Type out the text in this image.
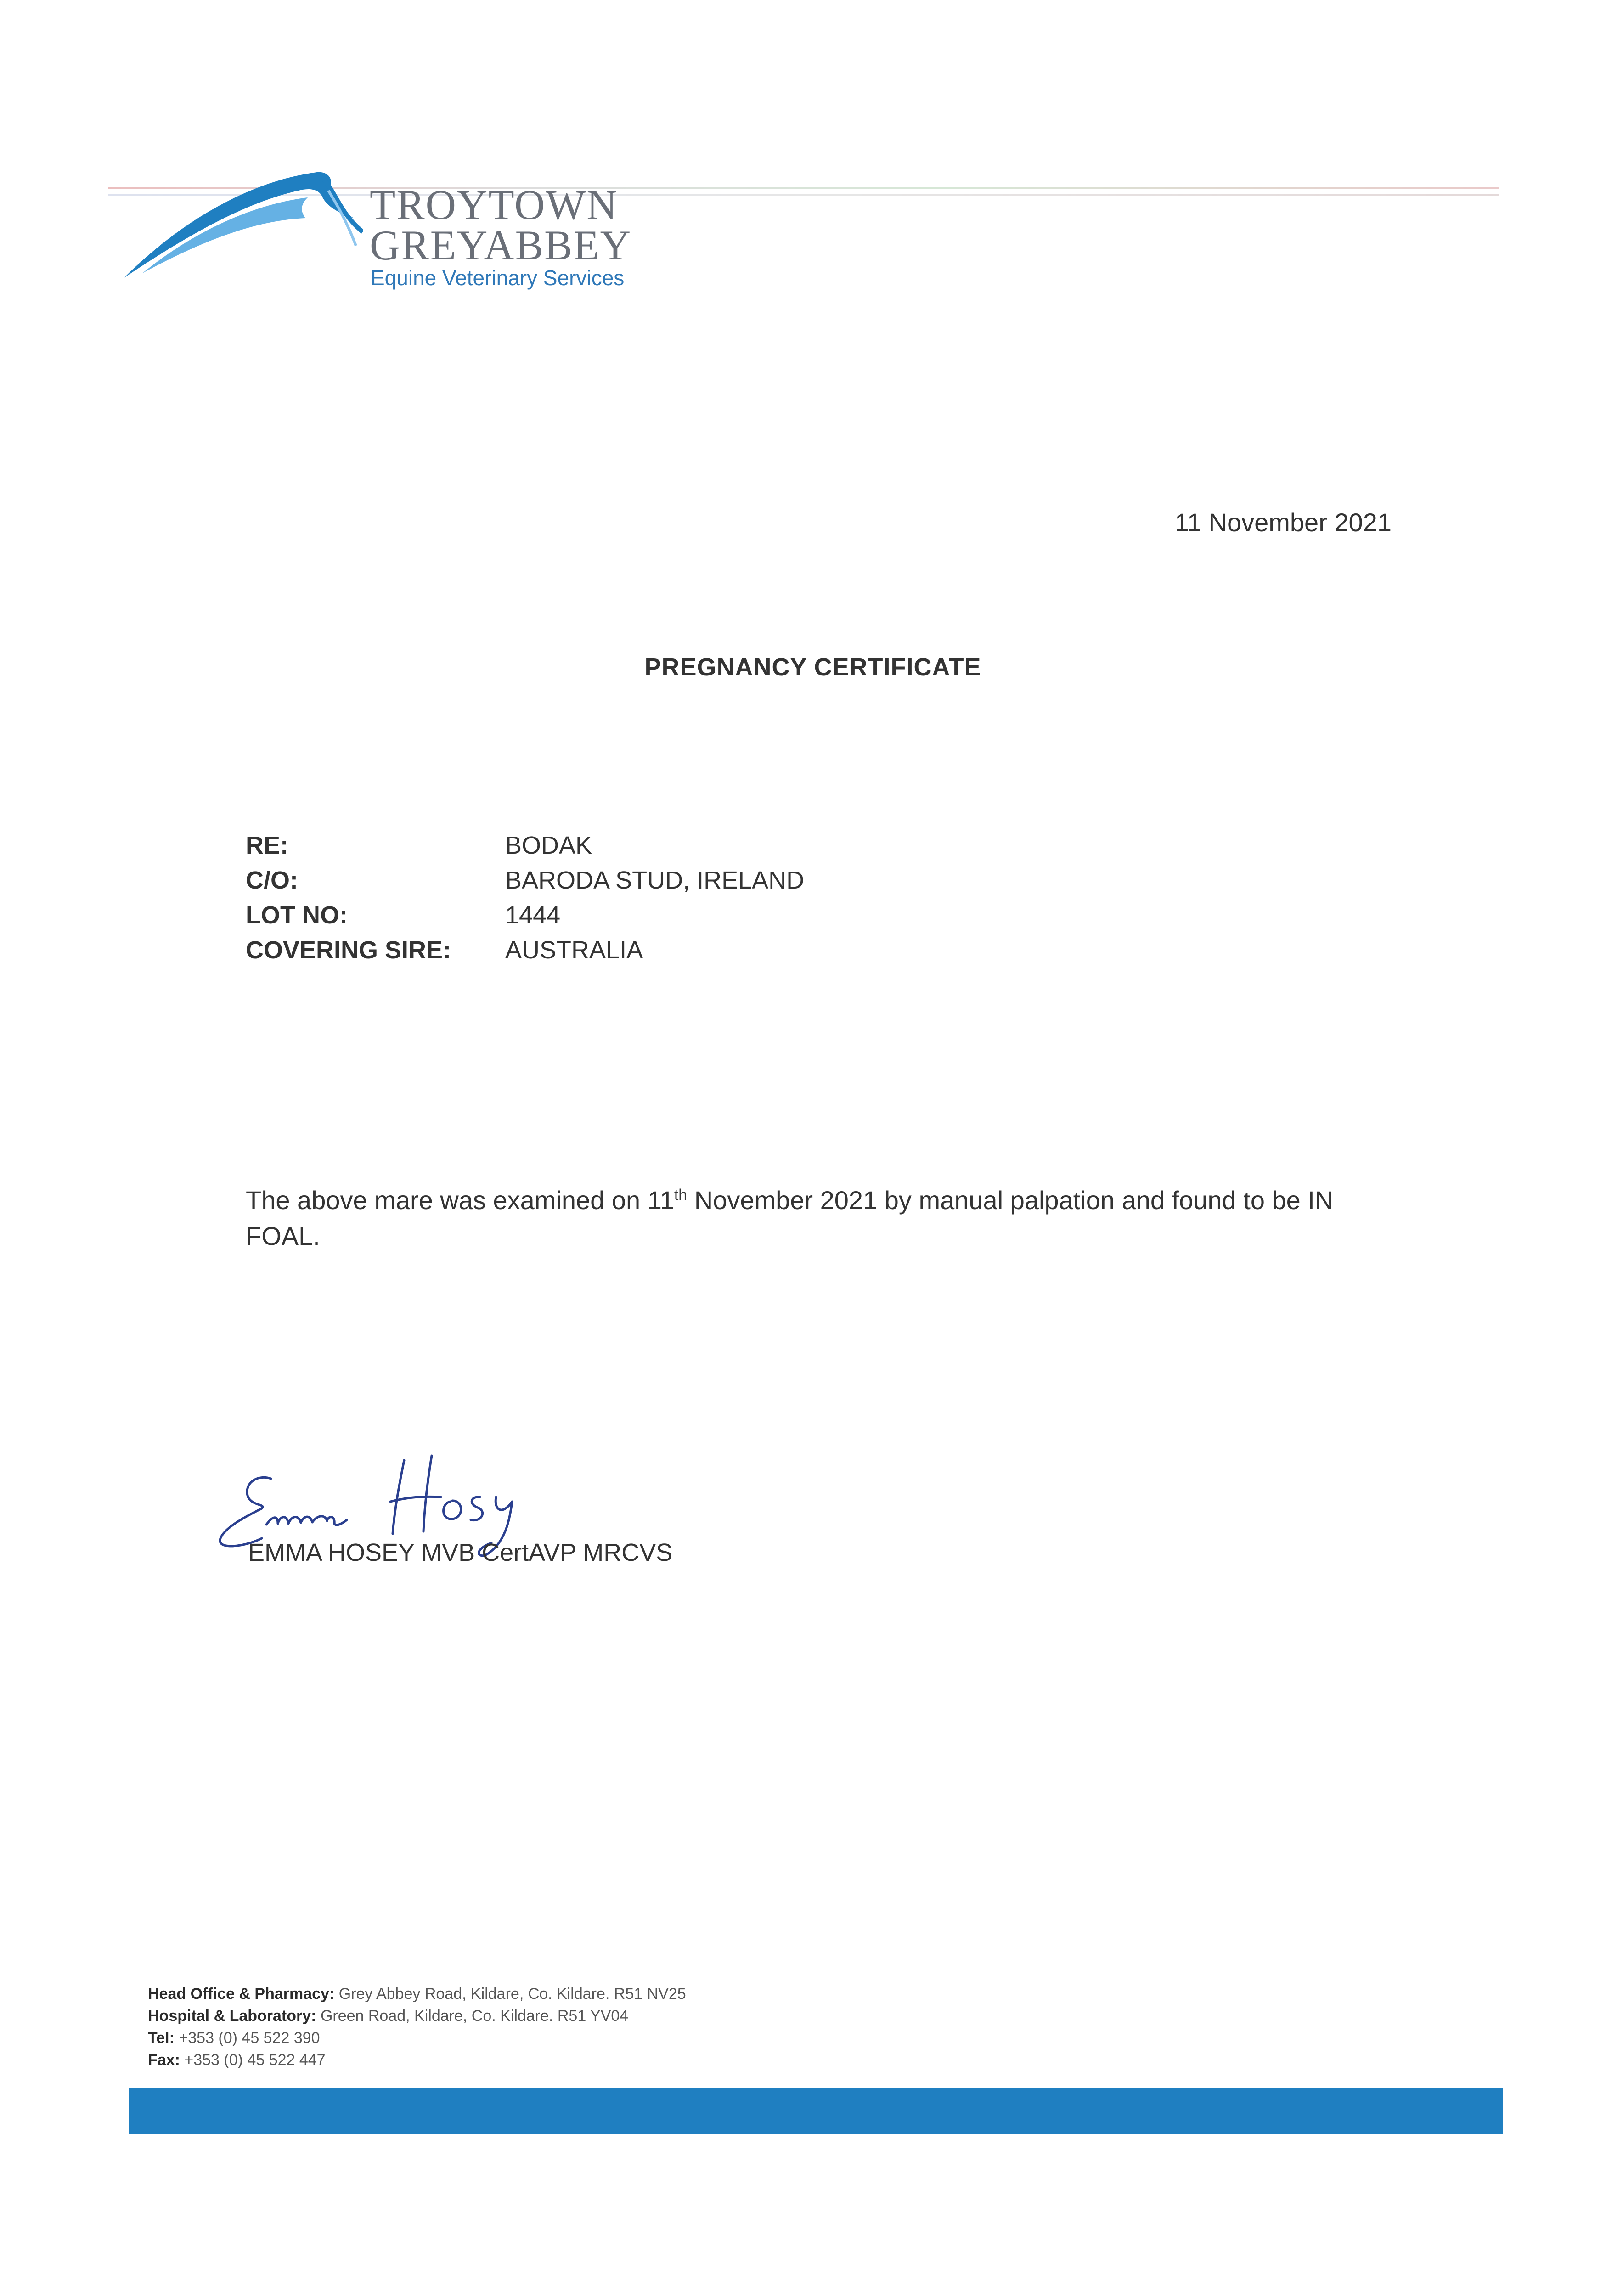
TROYTOWN
GREYABBEY
Equine Veterinary Services
11 November 2021
PREGNANCY CERTIFICATE
RE:	BODAK
C/O:	BARODA STUD, IRELAND
LOT NO:	1444
COVERING SIRE: AUSTRALIA
The above mare was examined on 11th November 2021 by manual palpation and found to be IN FOAL.
EMMA HOSEY MVB CertAVP MRCVS
Head Office & Pharmacy: Grey Abbey Road, Kildare, Co. Kildare. R51 NV25
Hospital & Laboratory: Green Road, Kildare, Co. Kildare. R51 YV04
Tel: +353 (0) 45 522 390
Fax: +353 (0) 45 522 447
